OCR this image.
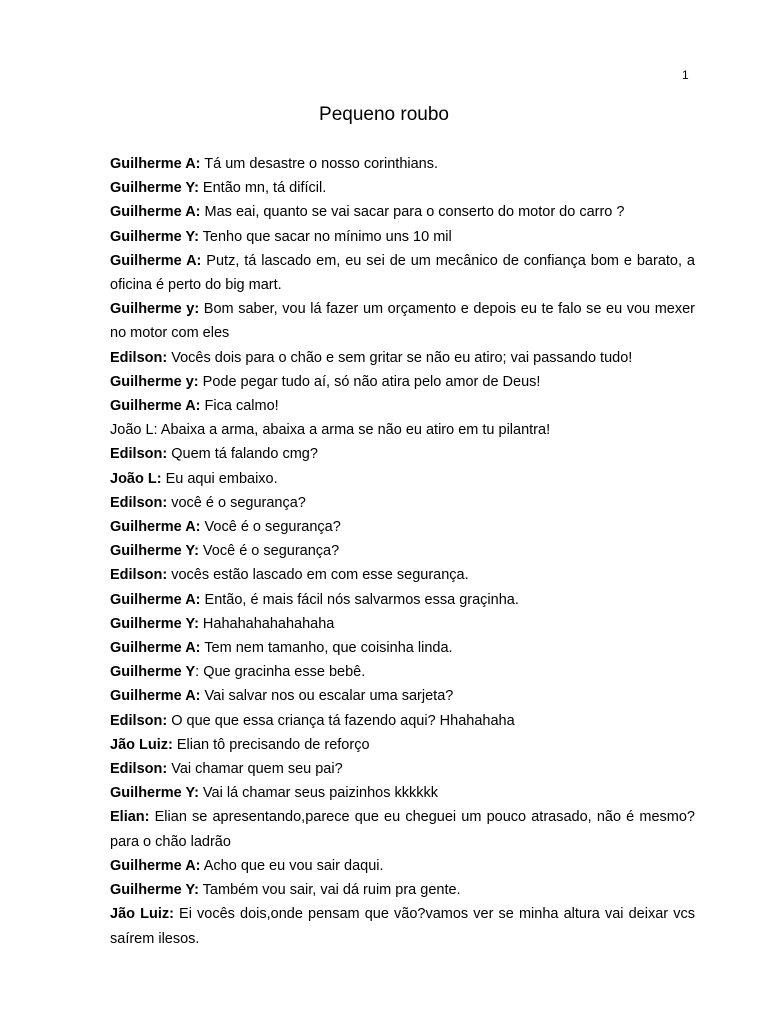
1
Pequeno roubo

Guilherme A: Tá um desastre o nosso corinthians.

Guilherme Y: Então mn, tá difícil.

Guilherme A: Mas eai, quanto se vai sacar para o conserto do motor do carro ?

Guilherme Y: Tenho que sacar no mínimo uns 10 mil

Guilherme A: Putz, tá lascado em, eu sei de um mecânico de confiança bom e barato, a oficina é perto do big mart.

Guilherme y: Bom saber, vou lá fazer um orçamento e depois eu te falo se eu vou mexer no motor com eles

Edilson: Vocês dois para o chão e sem gritar se não eu atiro; vai passando tudo!

Guilherme y: Pode pegar tudo aí, só não atira pelo amor de Deus!

Guilherme A: Fica calmo!

João L: Abaixa a arma, abaixa a arma se não eu atiro em tu pilantra!

Edilson: Quem tá falando cmg?

João L: Eu aqui embaixo.

Edilson: você é o segurança?

Guilherme A: Você é o segurança?

Guilherme Y: Você é o segurança?

Edilson: vocês estão lascado em com esse segurança.

Guilherme A: Então, é mais fácil nós salvarmos essa graçinha.

Guilherme Y: Hahahahahahahaha

Guilherme A: Tem nem tamanho, que coisinha linda.

Guilherme Y: Que gracinha esse bebê.

Guilherme A: Vai salvar nos ou escalar uma sarjeta?

Edilson: O que que essa criança tá fazendo aqui? Hhahahaha

Jão Luiz: Elian tô precisando de reforço

Edilson: Vai chamar quem seu pai?

Guilherme Y: Vai lá chamar seus paizinhos kkkkkk

Elian: Elian se apresentando,parece que eu cheguei um pouco atrasado, não é mesmo?para o chão ladrão

Guilherme A: Acho que eu vou sair daqui.

Guilherme Y: Também vou sair, vai dá ruim pra gente.

Jão Luiz: Ei vocês dois,onde pensam que vão?vamos ver se minha altura vai deixar vcs saírem ilesos.
